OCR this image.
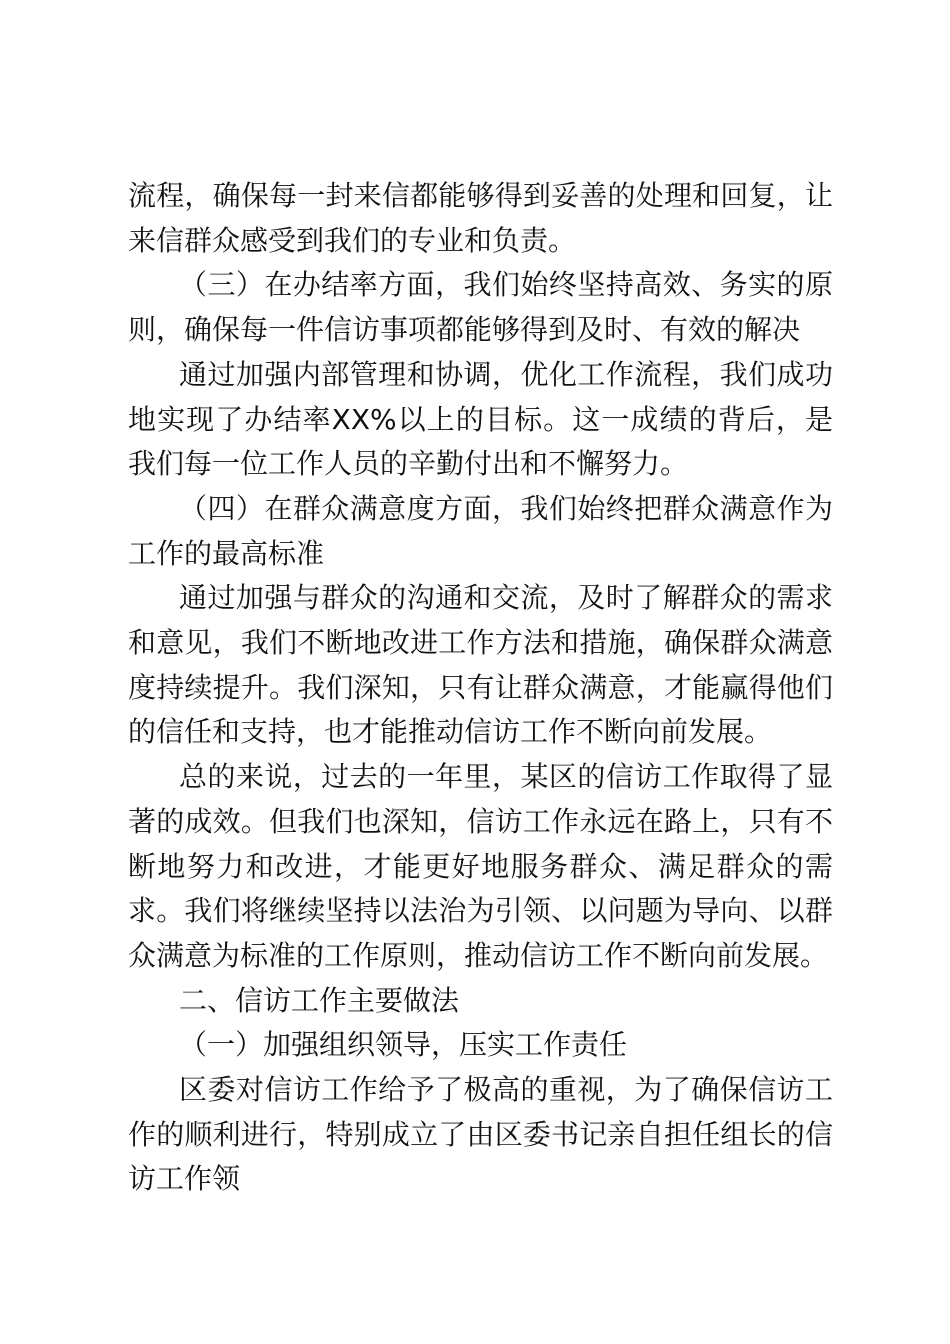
流程，确保每一封来信都能够得到妥善的处理和回复，让来信群众感受到我们的专业和负责。

（三）在办结率方面，我们始终坚持高效、务实的原则，确保每一件信访事项都能够得到及时、有效的解决

通过加强内部管理和协调，优化工作流程，我们成功地实现了办结率XX%以上的目标。这一成绩的背后，是我们每一位工作人员的辛勤付出和不懈努力。

（四）在群众满意度方面，我们始终把群众满意作为工作的最高标准

通过加强与群众的沟通和交流，及时了解群众的需求和意见，我们不断地改进工作方法和措施，确保群众满意度持续提升。我们深知，只有让群众满意，才能赢得他们的信任和支持，也才能推动信访工作不断向前发展。

总的来说，过去的一年里，某区的信访工作取得了显著的成效。但我们也深知，信访工作永远在路上，只有不断地努力和改进，才能更好地服务群众、满足群众的需求。我们将继续坚持以法治为引领、以问题为导向、以群众满意为标准的工作原则，推动信访工作不断向前发展。

二、信访工作主要做法

（一）加强组织领导，压实工作责任

区委对信访工作给予了极高的重视，为了确保信访工作的顺利进行，特别成立了由区委书记亲自担任组长的信访工作领
